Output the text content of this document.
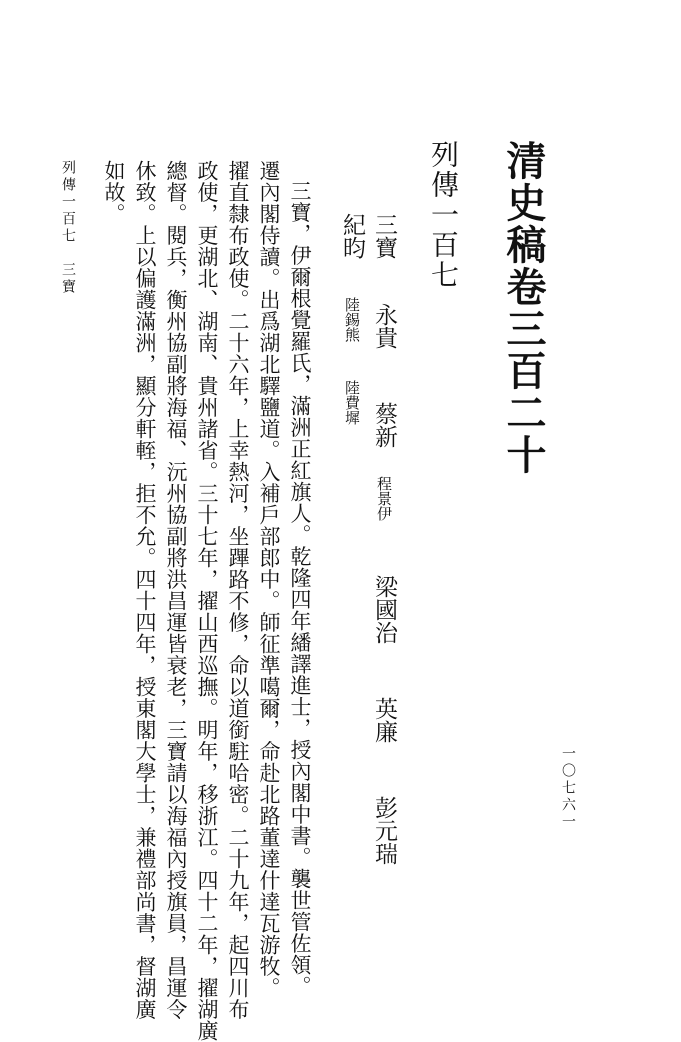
清史稿卷三百二十
列傳一百七
三寶 永貴 蔡新 程景伊 梁國治 英廉 彭元瑞
紀昀 陸錫熊 陸費墀
三寶，伊爾根覺羅氏，滿洲正紅旗人。乾隆四年繙譯進士，授內閣中書。襲世管佐領。
遷內閣侍讀。出爲湖北驛鹽道。入補戶部郎中。師征準噶爾，命赴北路董達什達瓦游牧。
擢直隸布政使。二十六年，上幸熱河，坐蹕路不修，命以道銜駐哈密。二十九年，起四川布
政使，更湖北、湖南、貴州諸省。三十七年，擢山西巡撫。明年，移浙江。四十二年，擢湖廣
總督。閱兵，衡州協副將海福、沅州協副將洪昌運皆衰老，三寶請以海福內授旗員，昌運令
休致。上以偏護滿洲，顯分軒輊，拒不允。四十四年，授東閣大學士，兼禮部尚書，督湖廣
如故。
列傳一百七　三寶
一〇七六一
